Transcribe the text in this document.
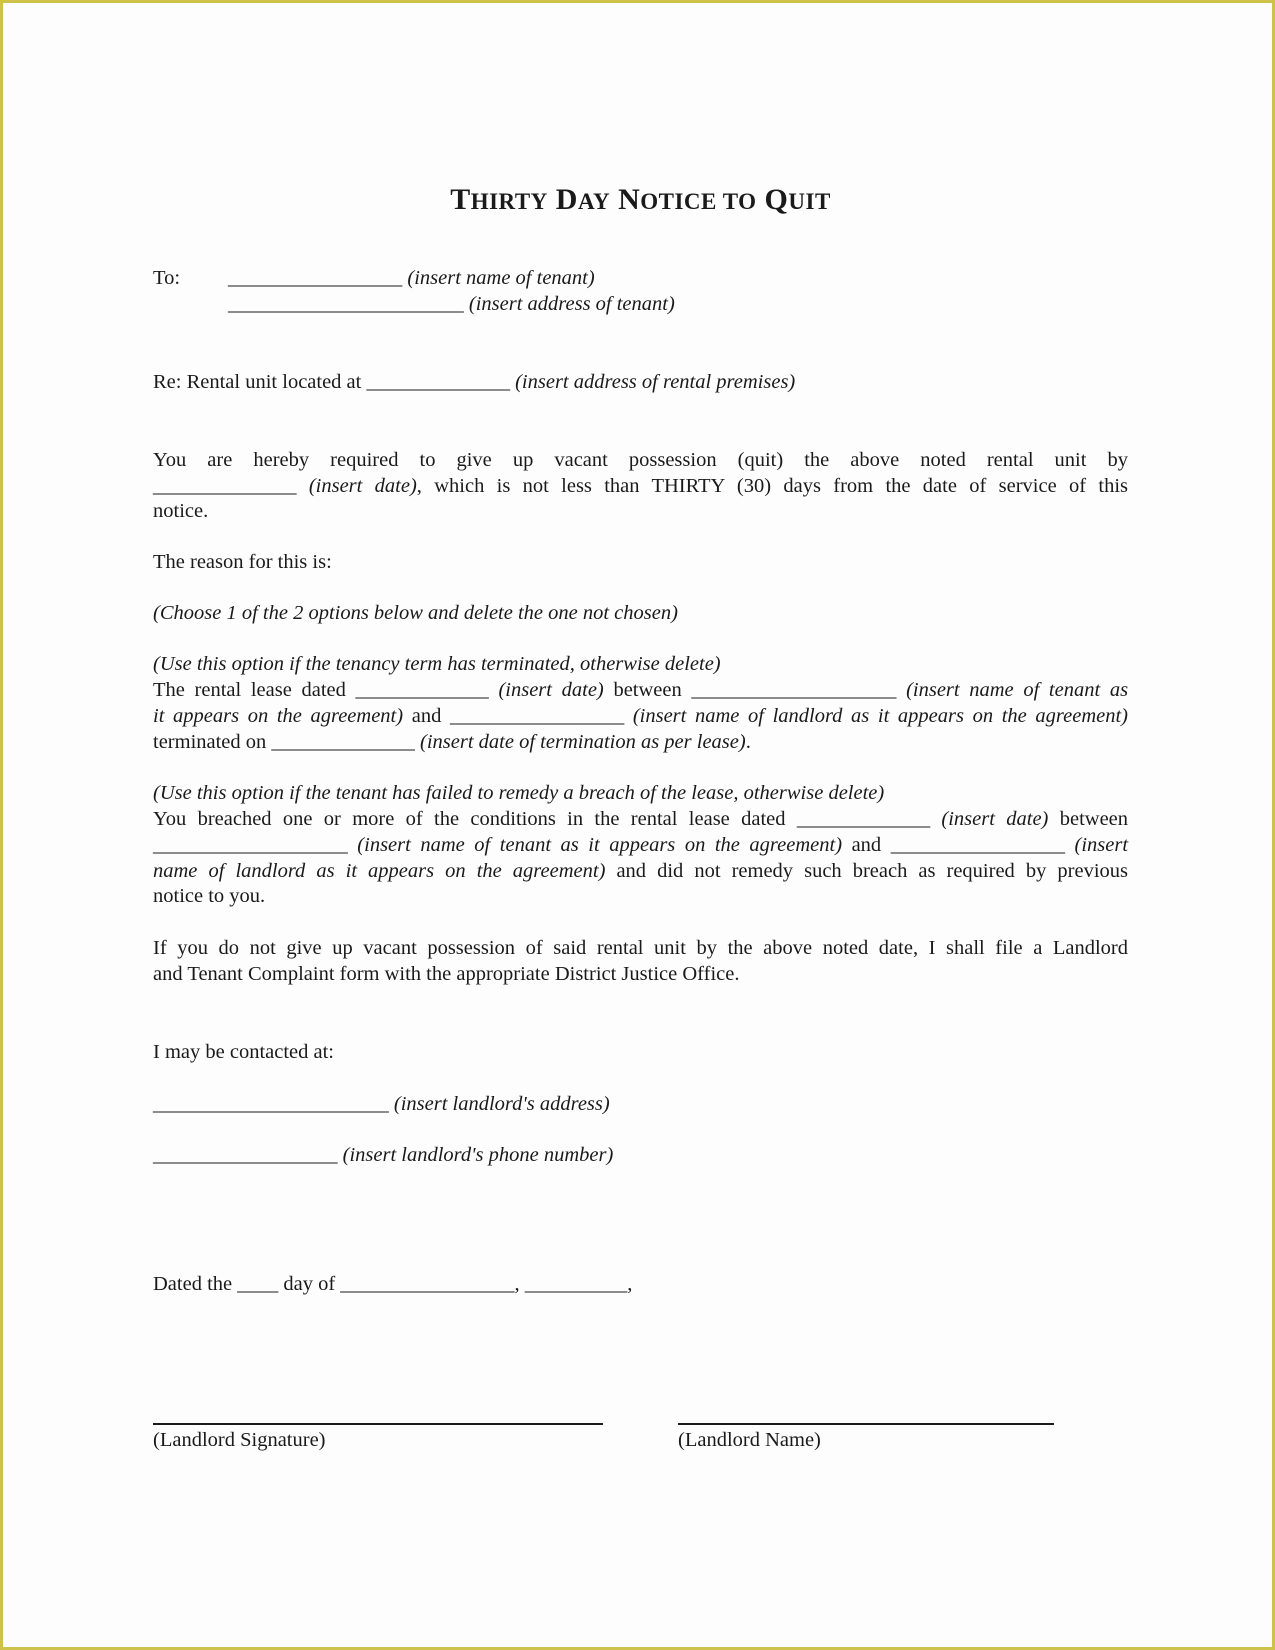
THIRTY DAY NOTICE TO QUIT
To: _________________ (insert name of tenant)
_______________________ (insert address of tenant)
Re: Rental unit located at ______________ (insert address of rental premises)
You are hereby required to give up vacant possession (quit) the above noted rental unit by
______________ (insert date), which is not less than THIRTY (30) days from the date of service of this
notice.
The reason for this is:
(Choose 1 of the 2 options below and delete the one not chosen)
(Use this option if the tenancy term has terminated, otherwise delete)
The rental lease dated _____________ (insert date) between ____________________ (insert name of tenant as
it appears on the agreement) and _________________ (insert name of landlord as it appears on the agreement)
terminated on ______________ (insert date of termination as per lease).
(Use this option if the tenant has failed to remedy a breach of the lease, otherwise delete)
You breached one or more of the conditions in the rental lease dated _____________ (insert date) between
___________________ (insert name of tenant as it appears on the agreement) and _________________ (insert
name of landlord as it appears on the agreement) and did not remedy such breach as required by previous
notice to you.
If you do not give up vacant possession of said rental unit by the above noted date, I shall file a Landlord
and Tenant Complaint form with the appropriate District Justice Office.
I may be contacted at:
_______________________ (insert landlord's address)
__________________ (insert landlord's phone number)
Dated the ____ day of _________________, __________,
(Landlord Signature)	(Landlord Name)
